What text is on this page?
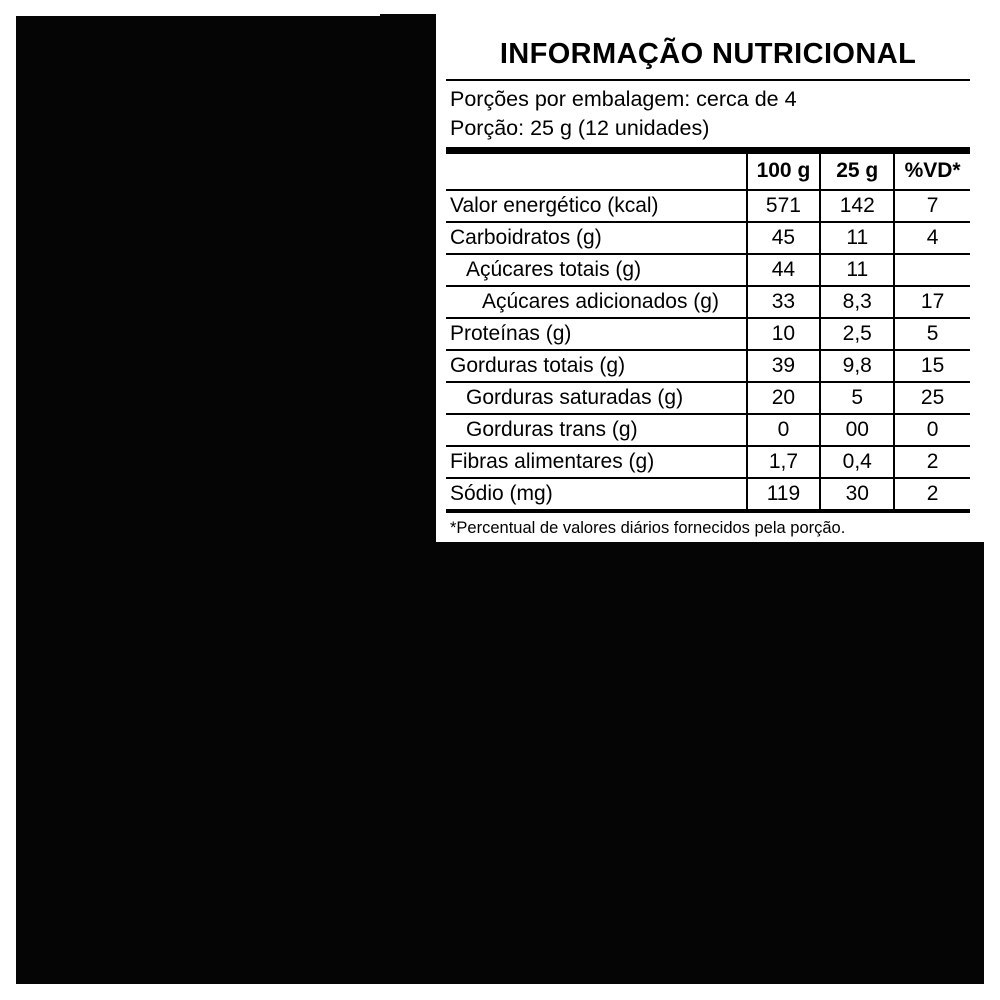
INFORMAÇÃO NUTRICIONAL
Porções por embalagem: cerca de 4
Porção: 25 g (12 unidades)
	100 g	25 g	%VD*
Valor energético (kcal)	571	142	7
Carboidratos (g)	45	11	4
Açúcares totais (g)	44	11	
Açúcares adicionados (g)	33	8,3	17
Proteínas (g)	10	2,5	5
Gorduras totais (g)	39	9,8	15
Gorduras saturadas (g)	20	5	25
Gorduras trans (g)	0	00	0
Fibras alimentares (g)	1,7	0,4	2
Sódio (mg)	119	30	2
*Percentual de valores diários fornecidos pela porção.
